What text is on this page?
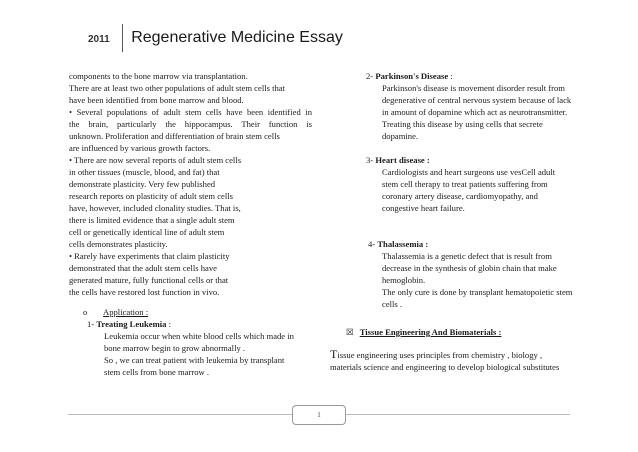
2011 Regenerative Medicine Essay
components to the bone marrow via transplantation.
There are at least two other populations of adult stem cells that
have been identified from bone marrow and blood.
• Several populations of adult stem cells have been identified in
the brain, particularly the hippocampus. Their function is
unknown. Proliferation and differentiation of brain stem cells
are influenced by various growth factors.
• There are now several reports of adult stem cells
in other tissues (muscle, blood, and fat) that
demonstrate plasticity. Very few published
research reports on plasticity of adult stem cells
have, however, included clonality studies. That is,
there is limited evidence that a single adult stem
cell or genetically identical line of adult stem
cells demonstrates plasticity.
• Rarely have experiments that claim plasticity
demonstrated that the adult stem cells have
generated mature, fully functional cells or that
the cells have restored lost function in vivo.
o Application :
1- Treating Leukemia :
Leukemia occur when white blood cells which made in
bone marrow begin to grow abnormally .
So , we can treat patient with leukemia by transplant
stem cells from bone marrow .
2- Parkinson's Disease :
Parkinson's disease is movement disorder result from
degenerative of central nervous system because of lack
in amount of dopamine which act as neurotransmitter.
Treating this disease by using cells that secrete
dopamine.
3- Heart disease :
Cardiologists and heart surgeons use vesCell adult
stem cell therapy to treat patients suffering from
coronary artery disease, cardiomyopathy, and
congestive heart failure.
4- Thalassemia :
Thalassemia is a genetic defect that is result from
decrease in the synthesis of globin chain that make
hemoglobin.
The only cure is done by transplant hematopoietic stem
cells .
☒ Tissue Engineering And Biomaterials :
Tissue engineering uses principles from chemistry , biology ,
materials science and engineering to develop biological substitutes
1
